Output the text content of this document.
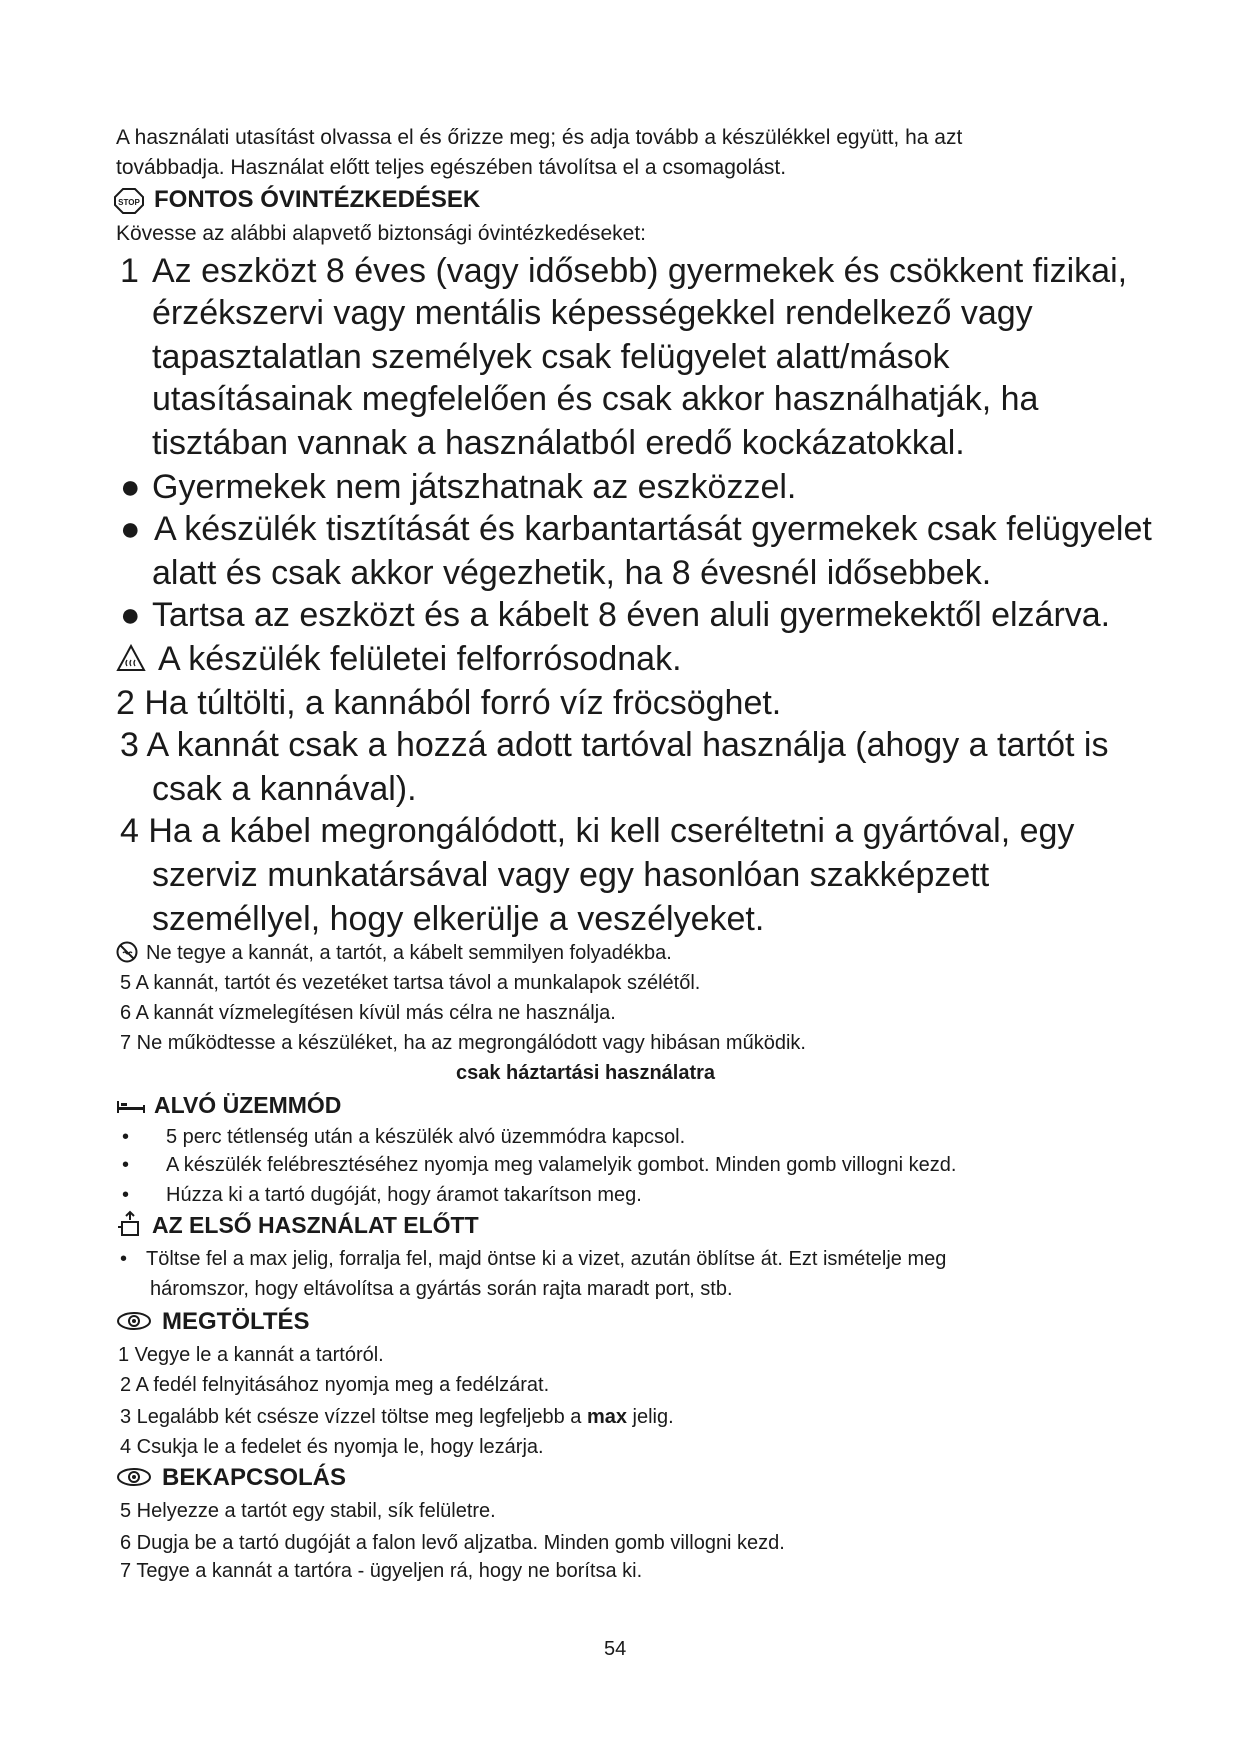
A használati utasítást olvassa el és őrizze meg; és adja tovább a készülékkel együtt, ha azt
továbbadja. Használat előtt teljes egészében távolítsa el a csomagolást.
STOP FONTOS ÓVINTÉZKEDÉSEK
Kövesse az alábbi alapvető biztonsági óvintézkedéseket:
1 Az eszközt 8 éves (vagy idősebb) gyermekek és csökkent fizikai,
érzékszervi vagy mentális képességekkel rendelkező vagy
tapasztalatlan személyek csak felügyelet alatt/mások
utasításainak megfelelően és csak akkor használhatják, ha
tisztában vannak a használatból eredő kockázatokkal.
● Gyermekek nem játszhatnak az eszközzel.
● A készülék tisztítását és karbantartását gyermekek csak felügyelet
alatt és csak akkor végezhetik, ha 8 évesnél idősebbek.
● Tartsa az eszközt és a kábelt 8 éven aluli gyermekektől elzárva.
A készülék felületei felforrósodnak.
2 Ha túltölti, a kannából forró víz fröcsöghet.
3 A kannát csak a hozzá adott tartóval használja (ahogy a tartót is
csak a kannával).
4 Ha a kábel megrongálódott, ki kell cseréltetni a gyártóval, egy
szerviz munkatársával vagy egy hasonlóan szakképzett
személlyel, hogy elkerülje a veszélyeket.
Ne tegye a kannát, a tartót, a kábelt semmilyen folyadékba.
5 A kannát, tartót és vezetéket tartsa távol a munkalapok szélétől.
6 A kannát vízmelegítésen kívül más célra ne használja.
7 Ne működtesse a készüléket, ha az megrongálódott vagy hibásan működik.
csak háztartási használatra
ALVÓ ÜZEMMÓD
• 5 perc tétlenség után a készülék alvó üzemmódra kapcsol.
• A készülék felébresztéséhez nyomja meg valamelyik gombot. Minden gomb villogni kezd.
• Húzza ki a tartó dugóját, hogy áramot takarítson meg.
AZ ELSŐ HASZNÁLAT ELŐTT
• Töltse fel a max jelig, forralja fel, majd öntse ki a vizet, azután öblítse át. Ezt ismételje meg
háromszor, hogy eltávolítsa a gyártás során rajta maradt port, stb.
MEGTÖLTÉS
1 Vegye le a kannát a tartóról.
2 A fedél felnyitásához nyomja meg a fedélzárat.
3 Legalább két csésze vízzel töltse meg legfeljebb a max jelig.
4 Csukja le a fedelet és nyomja le, hogy lezárja.
BEKAPCSOLÁS
5 Helyezze a tartót egy stabil, sík felületre.
6 Dugja be a tartó dugóját a falon levő aljzatba. Minden gomb villogni kezd.
7 Tegye a kannát a tartóra - ügyeljen rá, hogy ne borítsa ki.
54
